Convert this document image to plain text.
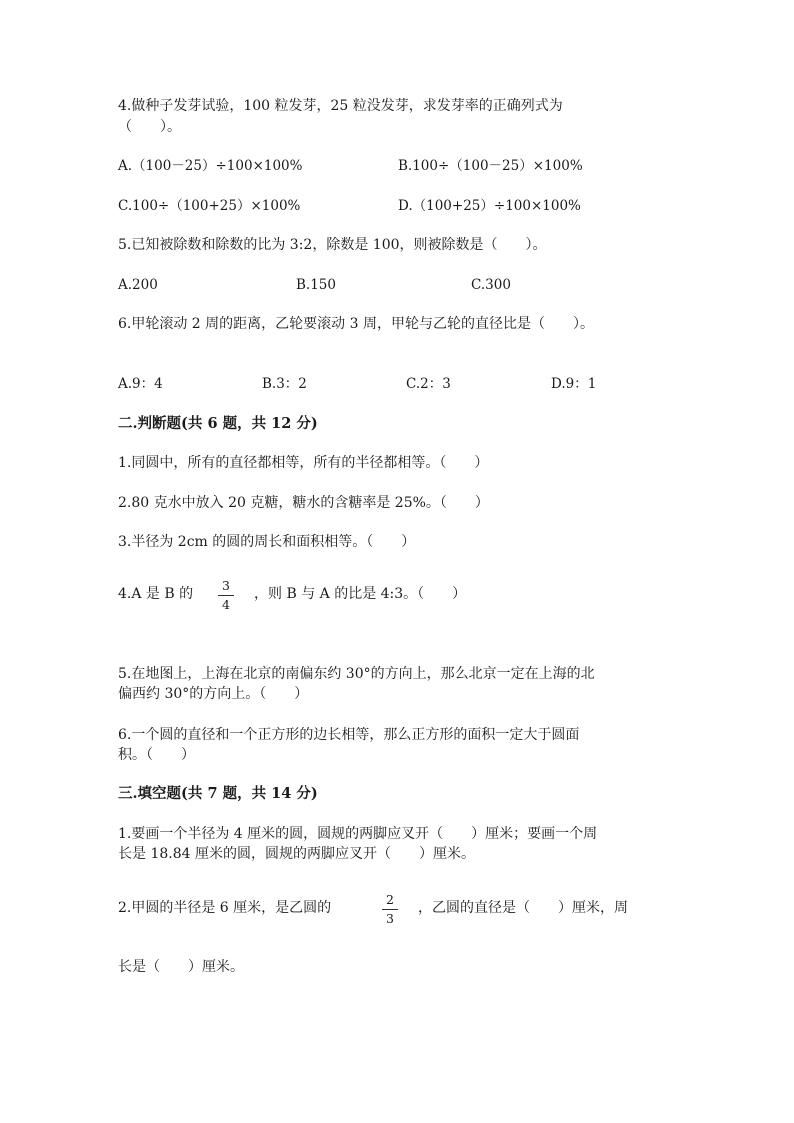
4.做种子发芽试验，100 粒发芽，25 粒没发芽，求发芽率的正确列式为
（　　）。
A.（100－25）÷100×100%	B.100÷（100－25）×100%
C.100÷（100+25）×100%	D.（100+25）÷100×100%
5.已知被除数和除数的比为 3:2，除数是 100，则被除数是（　　）。
A.200	B.150	C.300
6.甲轮滚动 2 周的距离，乙轮要滚动 3 周，甲轮与乙轮的直径比是（　　）。
A.9：4	B.3：2	C.2：3	D.9：1
二.判断题(共 6 题，共 12 分)
1.同圆中，所有的直径都相等，所有的半径都相等。（　　）
2.80 克水中放入 20 克糖，糖水的含糖率是 25%。（　　）
3.半径为 2cm 的圆的周长和面积相等。（　　）
4.A 是 B 的
3
4
，则 B 与 A 的比是 4:3。（　　）
5.在地图上，上海在北京的南偏东约 30°的方向上，那么北京一定在上海的北
偏西约 30°的方向上。（　　）
6.一个圆的直径和一个正方形的边长相等，那么正方形的面积一定大于圆面
积。（　　）
三.填空题(共 7 题，共 14 分)
1.要画一个半径为 4 厘米的圆，圆规的两脚应叉开（　　）厘米；要画一个周
长是 18.84 厘米的圆，圆规的两脚应叉开（　　）厘米。
2.甲圆的半径是 6 厘米，是乙圆的
2
3
，乙圆的直径是（　　）厘米，周
长是（　　）厘米。
